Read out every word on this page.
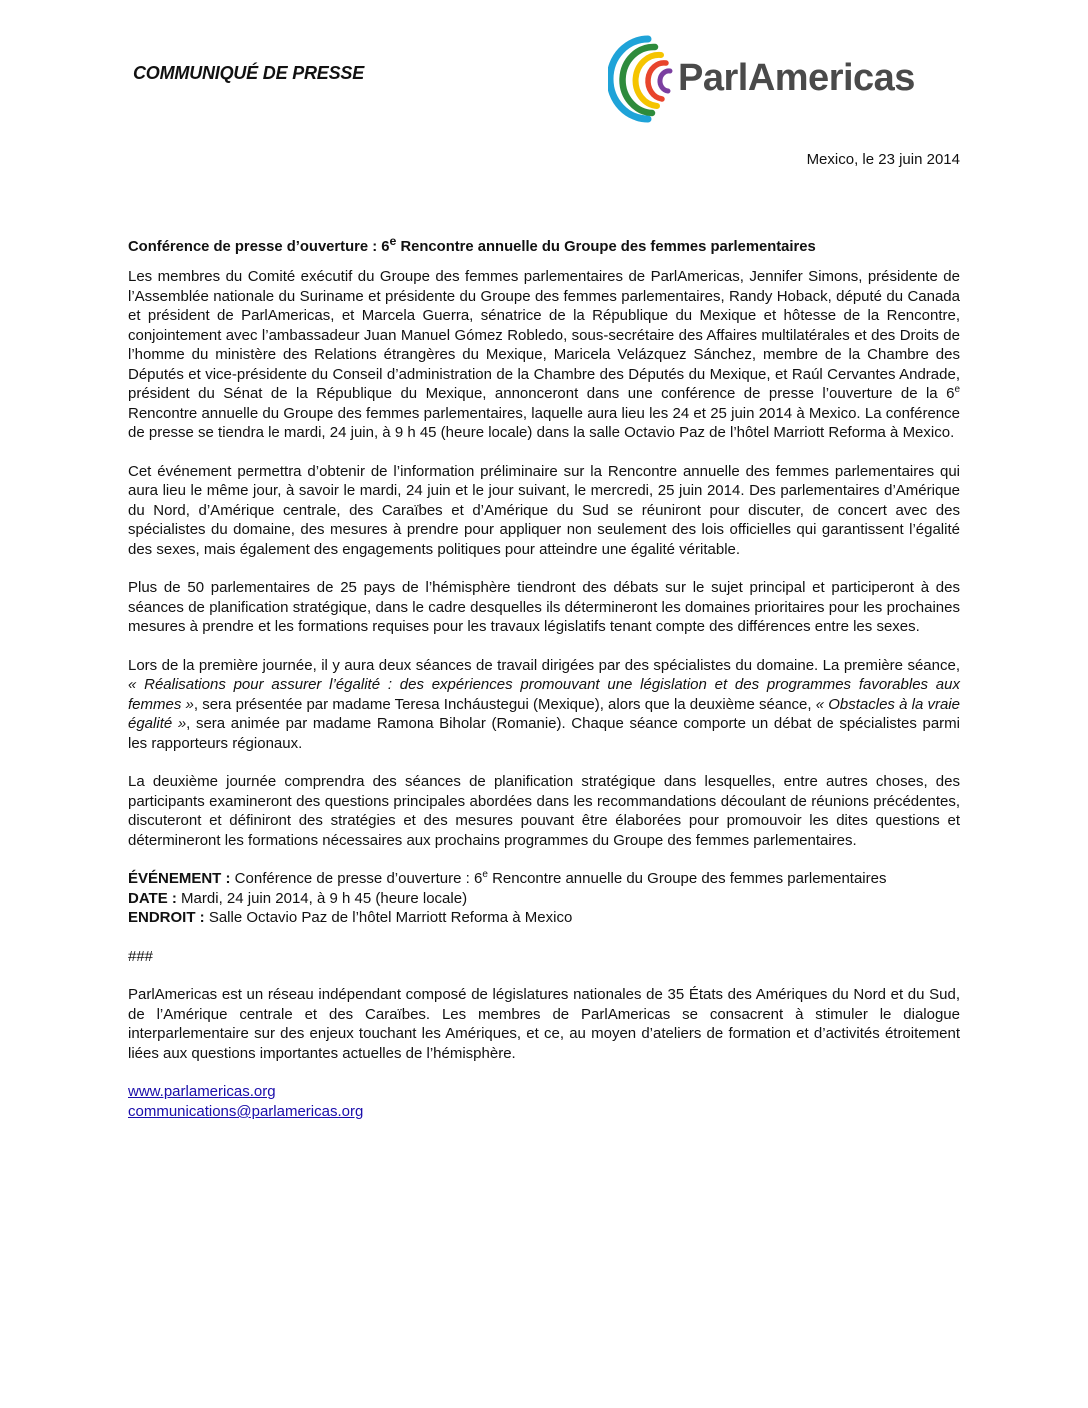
COMMUNIQUÉ DE PRESSE	ParlAmericas
Mexico, le 23 juin 2014

Conférence de presse d’ouverture : 6e Rencontre annuelle du Groupe des femmes parlementaires

Les membres du Comité exécutif du Groupe des femmes parlementaires de ParlAmericas, Jennifer Simons, présidente de l’Assemblée nationale du Suriname et présidente du Groupe des femmes parlementaires, Randy Hoback, député du Canada et président de ParlAmericas, et Marcela Guerra, sénatrice de la République du Mexique et hôtesse de la Rencontre, conjointement avec l’ambassadeur Juan Manuel Gómez Robledo, sous-secrétaire des Affaires multilatérales et des Droits de l’homme du ministère des Relations étrangères du Mexique, Maricela Velázquez Sánchez, membre de la Chambre des Députés et vice-présidente du Conseil d’administration de la Chambre des Députés du Mexique, et Raúl Cervantes Andrade, président du Sénat de la République du Mexique, annonceront dans une conférence de presse l’ouverture de la 6e Rencontre annuelle du Groupe des femmes parlementaires, laquelle aura lieu les 24 et 25 juin 2014 à Mexico. La conférence de presse se tiendra le mardi, 24 juin, à 9 h 45 (heure locale) dans la salle Octavio Paz de l’hôtel Marriott Reforma à Mexico.

Cet événement permettra d’obtenir de l’information préliminaire sur la Rencontre annuelle des femmes parlementaires qui aura lieu le même jour, à savoir le mardi, 24 juin et le jour suivant, le mercredi, 25 juin 2014. Des parlementaires d’Amérique du Nord, d’Amérique centrale, des Caraïbes et d’Amérique du Sud se réuniront pour discuter, de concert avec des spécialistes du domaine, des mesures à prendre pour appliquer non seulement des lois officielles qui garantissent l’égalité des sexes, mais également des engagements politiques pour atteindre une égalité véritable.

Plus de 50 parlementaires de 25 pays de l’hémisphère tiendront des débats sur le sujet principal et participeront à des séances de planification stratégique, dans le cadre desquelles ils détermineront les domaines prioritaires pour les prochaines mesures à prendre et les formations requises pour les travaux législatifs tenant compte des différences entre les sexes.

Lors de la première journée, il y aura deux séances de travail dirigées par des spécialistes du domaine. La première séance, « Réalisations pour assurer l’égalité : des expériences promouvant une législation et des programmes favorables aux femmes », sera présentée par madame Teresa Incháustegui (Mexique), alors que la deuxième séance, « Obstacles à la vraie égalité », sera animée par madame Ramona Biholar (Romanie). Chaque séance comporte un débat de spécialistes parmi les rapporteurs régionaux.

La deuxième journée comprendra des séances de planification stratégique dans lesquelles, entre autres choses, des participants examineront des questions principales abordées dans les recommandations découlant de réunions précédentes, discuteront et définiront des stratégies et des mesures pouvant être élaborées pour promouvoir les dites questions et détermineront les formations nécessaires aux prochains programmes du Groupe des femmes parlementaires.

ÉVÉNEMENT : Conférence de presse d’ouverture : 6e Rencontre annuelle du Groupe des femmes parlementaires

DATE : Mardi, 24 juin 2014, à 9 h 45 (heure locale)

ENDROIT : Salle Octavio Paz de l’hôtel Marriott Reforma à Mexico

###

ParlAmericas est un réseau indépendant composé de législatures nationales de 35 États des Amériques du Nord et du Sud, de l’Amérique centrale et des Caraïbes. Les membres de ParlAmericas se consacrent à stimuler le dialogue interparlementaire sur des enjeux touchant les Amériques, et ce, au moyen d’ateliers de formation et d’activités étroitement liées aux questions importantes actuelles de l’hémisphère.

www.parlamericas.org
communications@parlamericas.org
